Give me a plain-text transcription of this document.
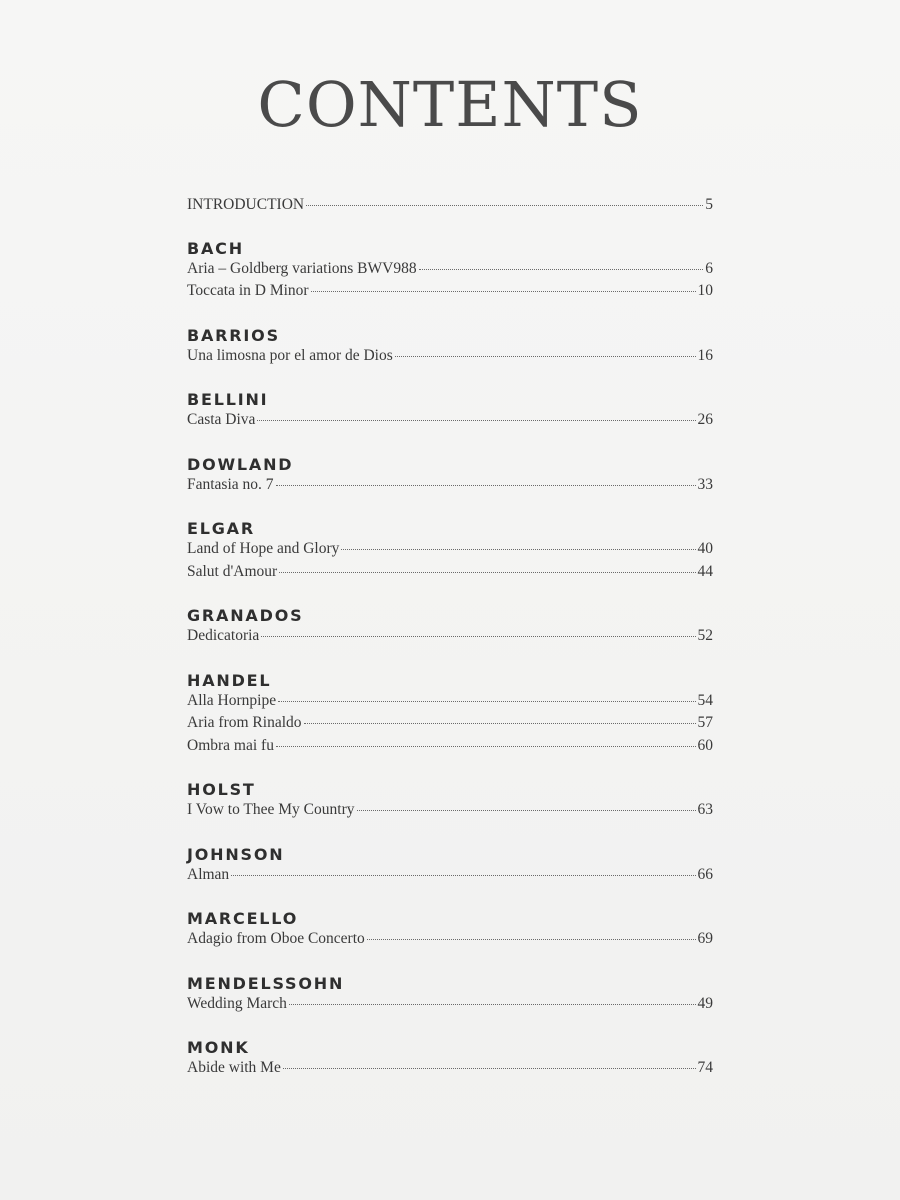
CONTENTS
INTRODUCTION	5
BACH
Aria – Goldberg variations BWV988	6
Toccata in D Minor	10
BARRIOS
Una limosna por el amor de Dios	16
BELLINI
Casta Diva	26
DOWLAND
Fantasia no. 7	33
ELGAR
Land of Hope and Glory	40
Salut d'Amour	44
GRANADOS
Dedicatoria	52
HANDEL
Alla Hornpipe	54
Aria from Rinaldo	57
Ombra mai fu	60
HOLST
I Vow to Thee My Country	63
JOHNSON
Alman	66
MARCELLO
Adagio from Oboe Concerto	69
MENDELSSOHN
Wedding March	49
MONK
Abide with Me	74
